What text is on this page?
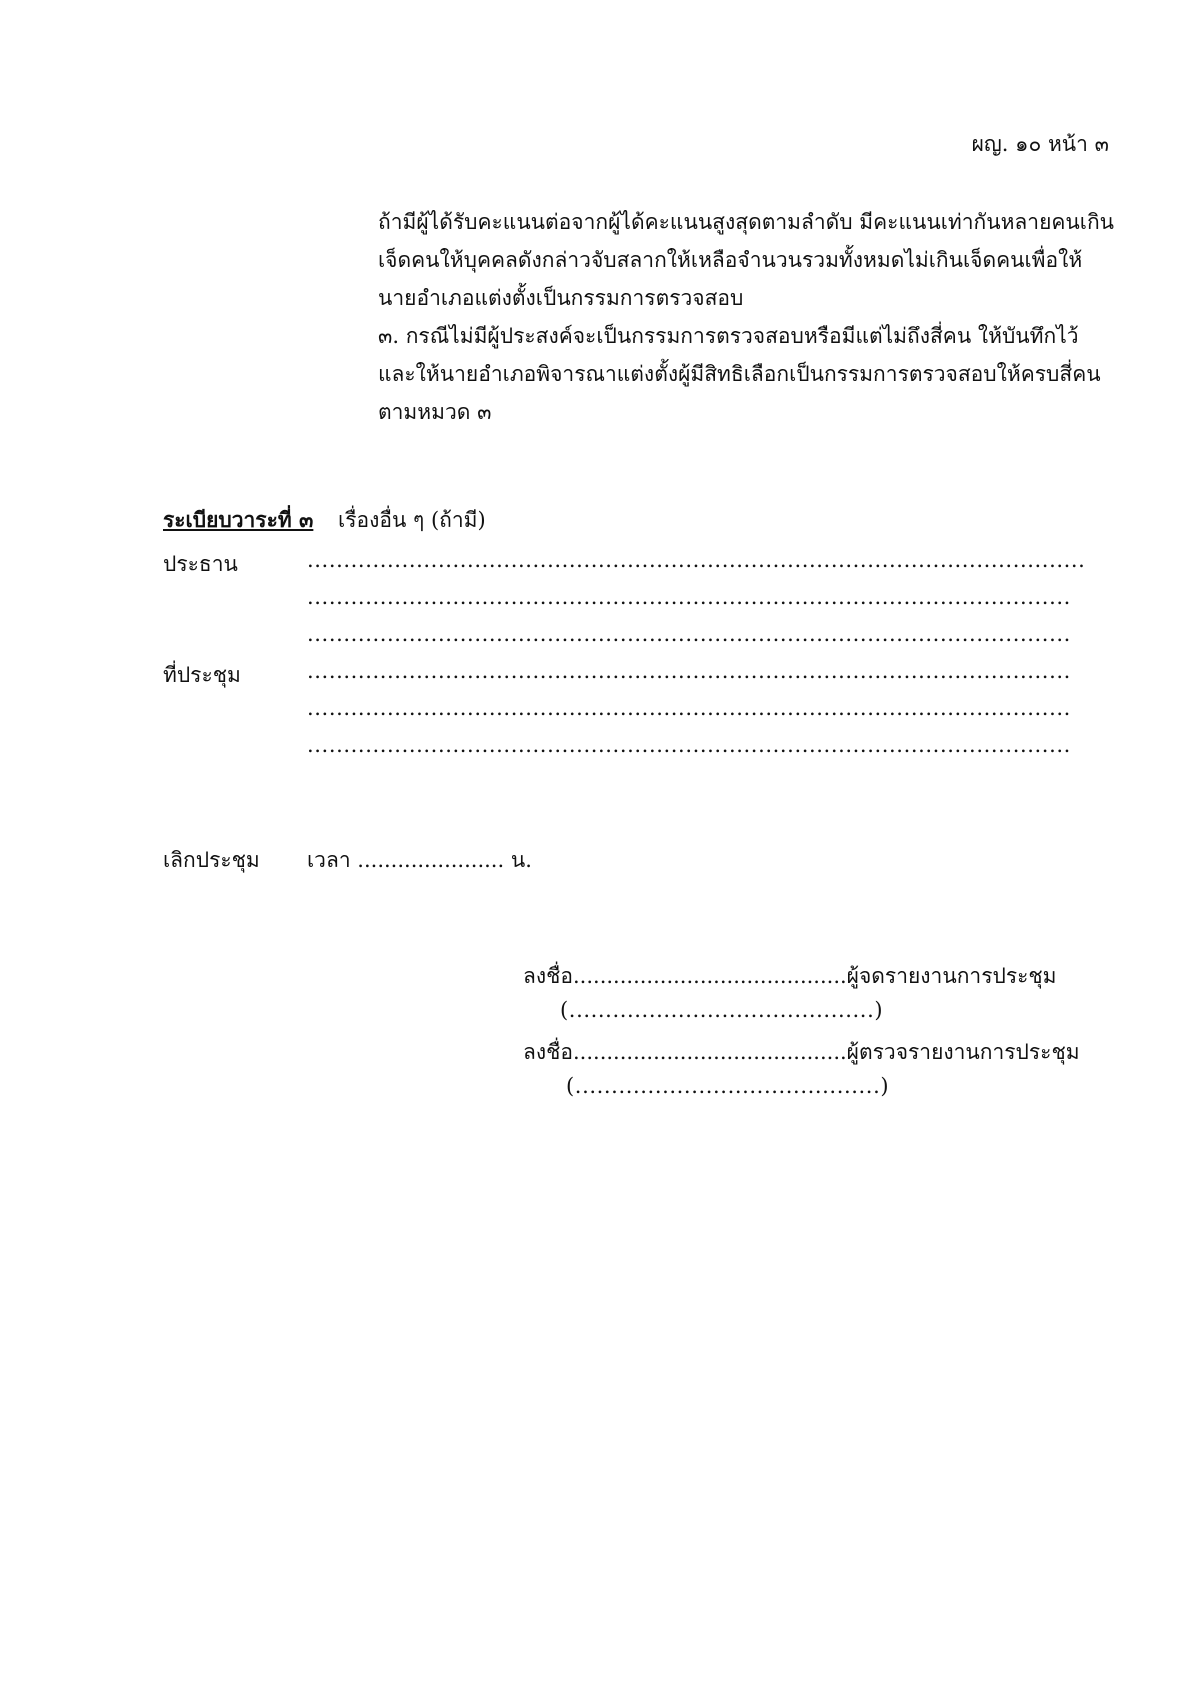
ผญ. ๑๐ หน้า ๓
ถ้ามีผู้ได้รับคะแนนต่อจากผู้ได้คะแนนสูงสุดตามลำดับ มีคะแนนเท่ากันหลายคนเกิน
เจ็ดคนให้บุคคลดังกล่าวจับสลากให้เหลือจำนวนรวมทั้งหมดไม่เกินเจ็ดคนเพื่อให้
นายอำเภอแต่งตั้งเป็นกรรมการตรวจสอบ
๓. กรณีไม่มีผู้ประสงค์จะเป็นกรรมการตรวจสอบหรือมีแต่ไม่ถึงสี่คน ให้บันทึกไว้
และให้นายอำเภอพิจารณาแต่งตั้งผู้มีสิทธิเลือกเป็นกรรมการตรวจสอบให้ครบสี่คน
ตามหมวด ๓
ระเบียบวาระที่ ๓ เรื่องอื่น ๆ (ถ้ามี)
ประธาน	...........................................................................................................
.........................................................................................................
.........................................................................................................
ที่ประชุม	.........................................................................................................
.........................................................................................................
.........................................................................................................
เลิกประชุม เวลา ...................... น.
ลงชื่อ.........................................ผู้จดรายงานการประชุม
(..........................................)
ลงชื่อ.........................................ผู้ตรวจรายงานการประชุม
(..........................................)
